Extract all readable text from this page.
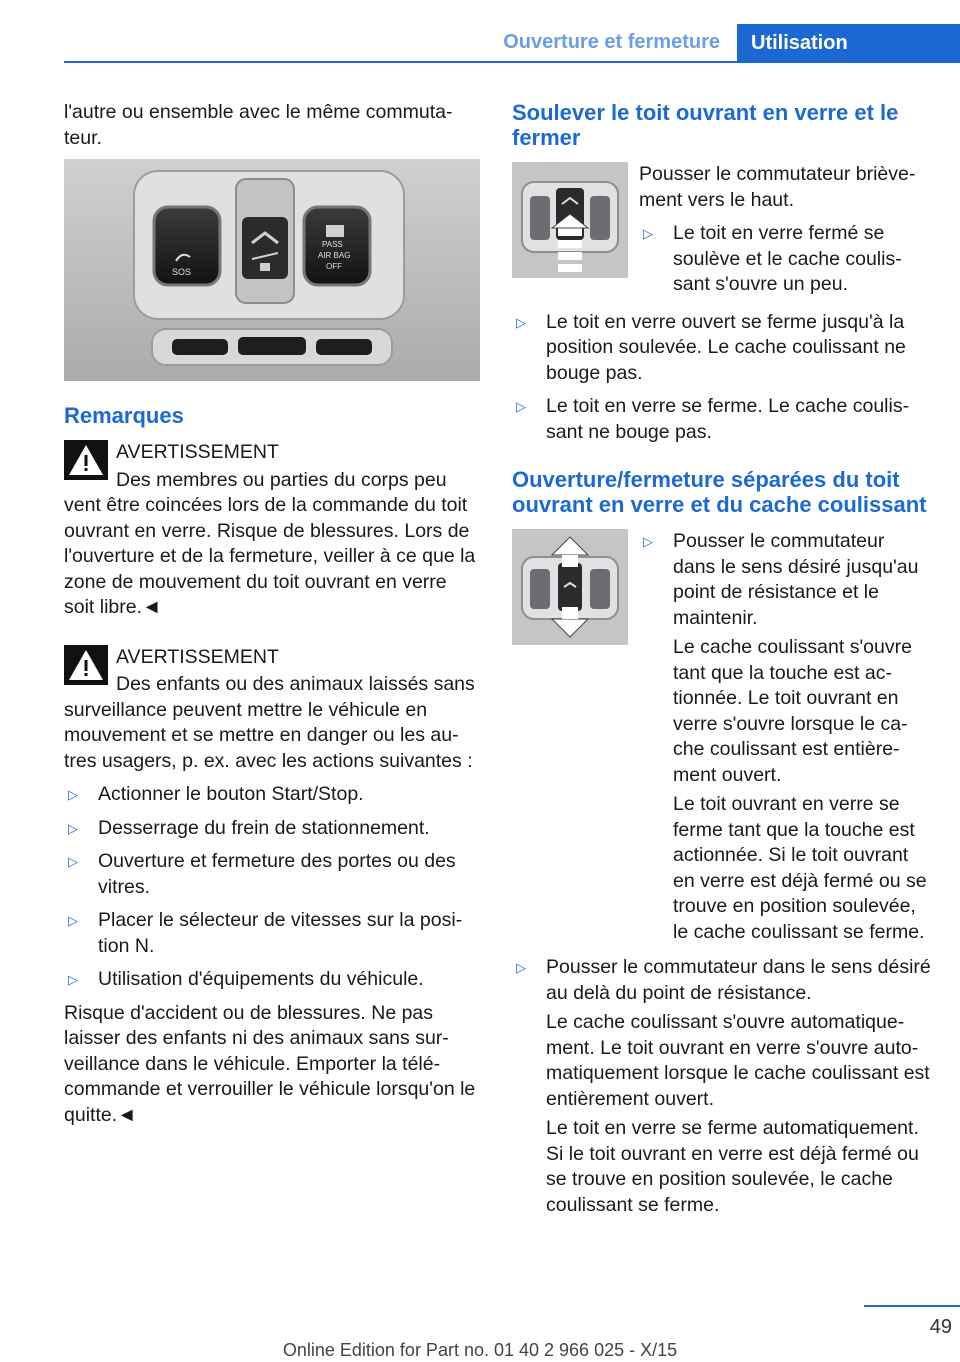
Ouverture et fermeture	Utilisation

l'autre ou ensemble avec le même commutateur.

SOS
PASS
AIR BAG
OFF
Remarques
AVERTISSEMENT

Des membres ou parties du corps peu

vent être coincées lors de la commande du toit ouvrant en verre. Risque de blessures. Lors de l'ouverture et de la fermeture, veiller à ce que la zone de mouvement du toit ouvrant en verre soit libre.◄

AVERTISSEMENT

Des enfants ou des animaux laissés sans

surveillance peuvent mettre le véhicule en mouvement et se mettre en danger ou les autres usagers, p. ex. avec les actions suivantes :

▷ Actionner le bouton Start/Stop.
▷ Desserrage du frein de stationnement.
▷ Ouverture et fermeture des portes ou des vitres.
▷ Placer le sélecteur de vitesses sur la position N.
▷ Utilisation d'équipements du véhicule.

Risque d'accident ou de blessures. Ne pas laisser des enfants ni des animaux sans surveillance dans le véhicule. Emporter la télécommande et verrouiller le véhicule lorsqu'on le quitte.◄

Soulever le toit ouvrant en verre et le fermer

Pousser le commutateur brièvement vers le haut.

▷ Le toit en verre fermé se soulève et le cache coulissant s'ouvre un peu.
▷ Le toit en verre ouvert se ferme jusqu'à la position soulevée. Le cache coulissant ne bouge pas.
▷ Le toit en verre se ferme. Le cache coulissant ne bouge pas.
Ouverture/fermeture séparées du toit ouvrant en verre et du cache coulissant
▷ Pousser le commutateur dans le sens désiré jusqu'au point de résistance et le maintenir.

Le cache coulissant s'ouvre tant que la touche est actionnée. Le toit ouvrant en verre s'ouvre lorsque le cache coulissant est entièrement ouvert.

Le toit ouvrant en verre se ferme tant que la touche est actionnée. Si le toit ouvrant en verre est déjà fermé ou se trouve en position soulevée, le cache coulissant se ferme.

▷ Pousser le commutateur dans le sens désiré au delà du point de résistance.

Le cache coulissant s'ouvre automatiquement. Le toit ouvrant en verre s'ouvre automatiquement lorsque le cache coulissant est entièrement ouvert.

Le toit en verre se ferme automatiquement. Si le toit ouvrant en verre est déjà fermé ou se trouve en position soulevée, le cache coulissant se ferme.

49
Online Edition for Part no. 01 40 2 966 025 - X/15
